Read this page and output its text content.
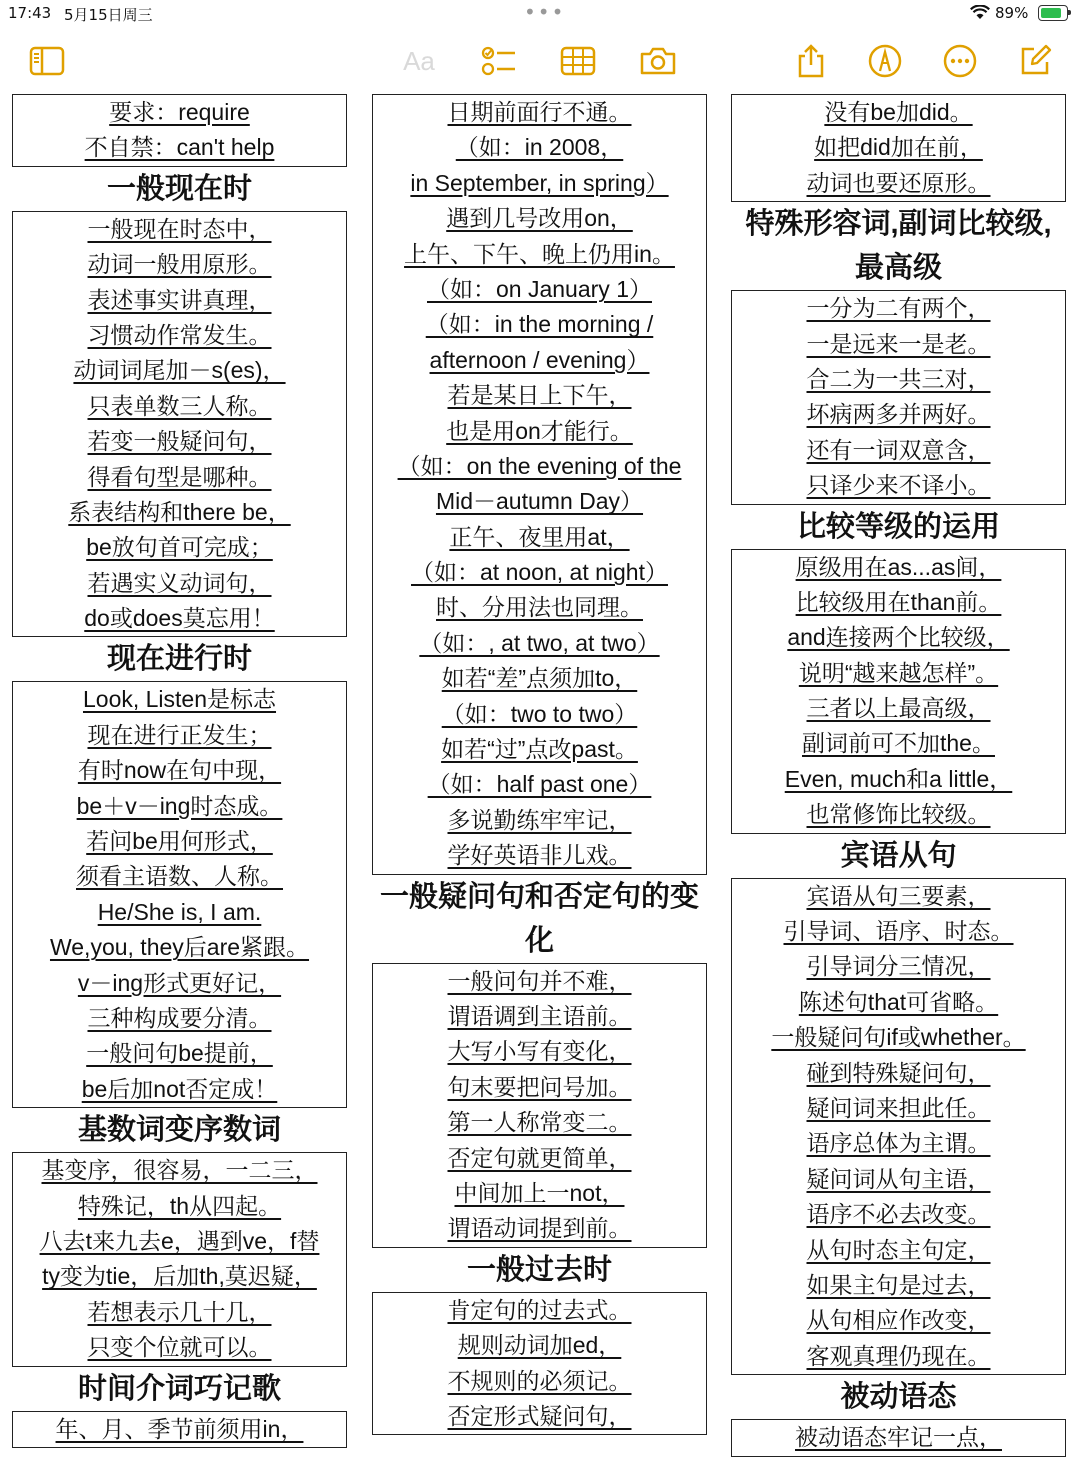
17:43 5月15日周三	•••	89%
Aa
要求：require
不自禁：can't help
一般现在时
一般现在时态中，
动词一般用原形。
表述事实讲真理，
习惯动作常发生。
动词词尾加－s(es)，
只表单数三人称。
若变一般疑问句，
得看句型是哪种。
系表结构和there be，
be放句首可完成；
若遇实义动词句，
do或does莫忘用！
现在进行时
Look, Listen是标志
现在进行正发生；
有时now在句中现，
be＋v－ing时态成。
若问be用何形式，
须看主语数、人称。
He/She is, I am.
We,you, they后are紧跟。
v－ing形式更好记，
三种构成要分清。
一般问句be提前，
be后加not否定成！
基数词变序数词
基变序，很容易，一二三，
特殊记，th从四起。
八去t来九去e，遇到ve，f替
ty变为tie，后加th,莫迟疑，
若想表示几十几，
只变个位就可以。
时间介词巧记歌
年、月、季节前须用in，
日期前面行不通。
（如：in 2008，
in September, in spring）
遇到几号改用on，
上午、下午、晚上仍用in。
（如：on January 1）
（如：in the morning /
afternoon / evening）
若是某日上下午，
也是用on才能行。
（如：on the evening of the
Mid－autumn Day）
正午、夜里用at，
（如：at noon, at night）
时、分用法也同理。
（如：, at two, at two）
如若“差”点须加to，
（如：two to two）
如若“过”点改past。
（如：half past one）
多说勤练牢牢记，
学好英语非儿戏。
一般疑问句和否定句的变化
一般问句并不难，
谓语调到主语前。
大写小写有变化，
句末要把问号加。
第一人称常变二。
否定句就更简单，
中间加上一not，
谓语动词提到前。
一般过去时
肯定句的过去式。
规则动词加ed，
不规则的必须记。
否定形式疑问句，
没有be加did。
如把did加在前，
动词也要还原形。
特殊形容词,副词比较级,最高级
一分为二有两个，
一是远来一是老。
合二为一共三对，
坏病两多并两好。
还有一词双意含，
只译少来不译小。
比较等级的运用
原级用在as...as间，
比较级用在than前。
and连接两个比较级，
说明“越来越怎样”。
三者以上最高级，
副词前可不加the。
Even, much和a little，
也常修饰比较级。
宾语从句
宾语从句三要素，
引导词、语序、时态。
引导词分三情况，
陈述句that可省略。
一般疑问句if或whether。
碰到特殊疑问句，
疑问词来担此任。
语序总体为主谓。
疑问词从句主语，
语序不必去改变。
从句时态主句定，
如果主句是过去，
从句相应作改变，
客观真理仍现在。
被动语态
被动语态牢记一点，
